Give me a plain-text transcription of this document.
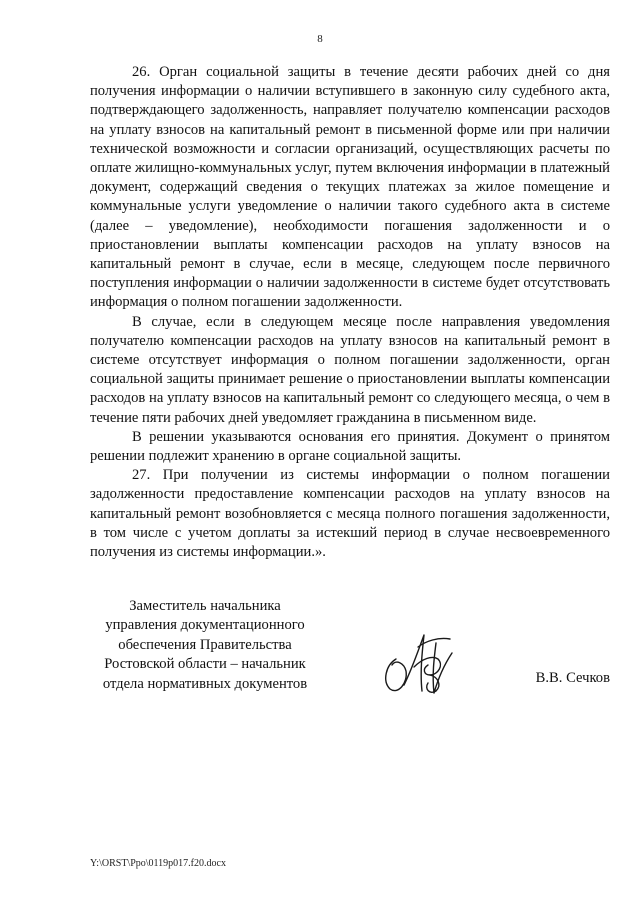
8

26. Орган социальной защиты в течение десяти рабочих дней со дня получения информации о наличии вступившего в законную силу судебного акта, подтверждающего задолженность, направляет получателю компенсации расходов на уплату взносов на капитальный ремонт в письменной форме или при наличии технической возможности и согласии организаций, осуществляющих расчеты по оплате жилищно-коммунальных услуг, путем включения информации в платежный документ, содержащий сведения о текущих платежах за жилое помещение и коммунальные услуги уведомление о наличии такого судебного акта в системе (далее – уведомление), необходимости погашения задолженности и о приостановлении выплаты компенсации расходов на уплату взносов на капитальный ремонт в случае, если в месяце, следующем после первичного поступления информации о наличии задолженности в системе будет отсутствовать информация о полном погашении задолженности.

В случае, если в следующем месяце после направления уведомления получателю компенсации расходов на уплату взносов на капитальный ремонт в системе отсутствует информация о полном погашении задолженности, орган социальной защиты принимает решение о приостановлении выплаты компенсации расходов на уплату взносов на капитальный ремонт со следующего месяца, о чем в течение пяти рабочих дней уведомляет гражданина в письменном виде.

В решении указываются основания его принятия. Документ о принятом решении подлежит хранению в органе социальной защиты.

27. При получении из системы информации о полном погашении задолженности предоставление компенсации расходов на уплату взносов на капитальный ремонт возобновляется с месяца полного погашения задолженности, в том числе с учетом доплаты за истекший период в случае несвоевременного получения из системы информации.».

Заместитель начальника
управления документационного
обеспечения Правительства
Ростовской области – начальник
отдела нормативных документов	В.В. Сечков
Y:\ORST\Ppo\0119p017.f20.docx
